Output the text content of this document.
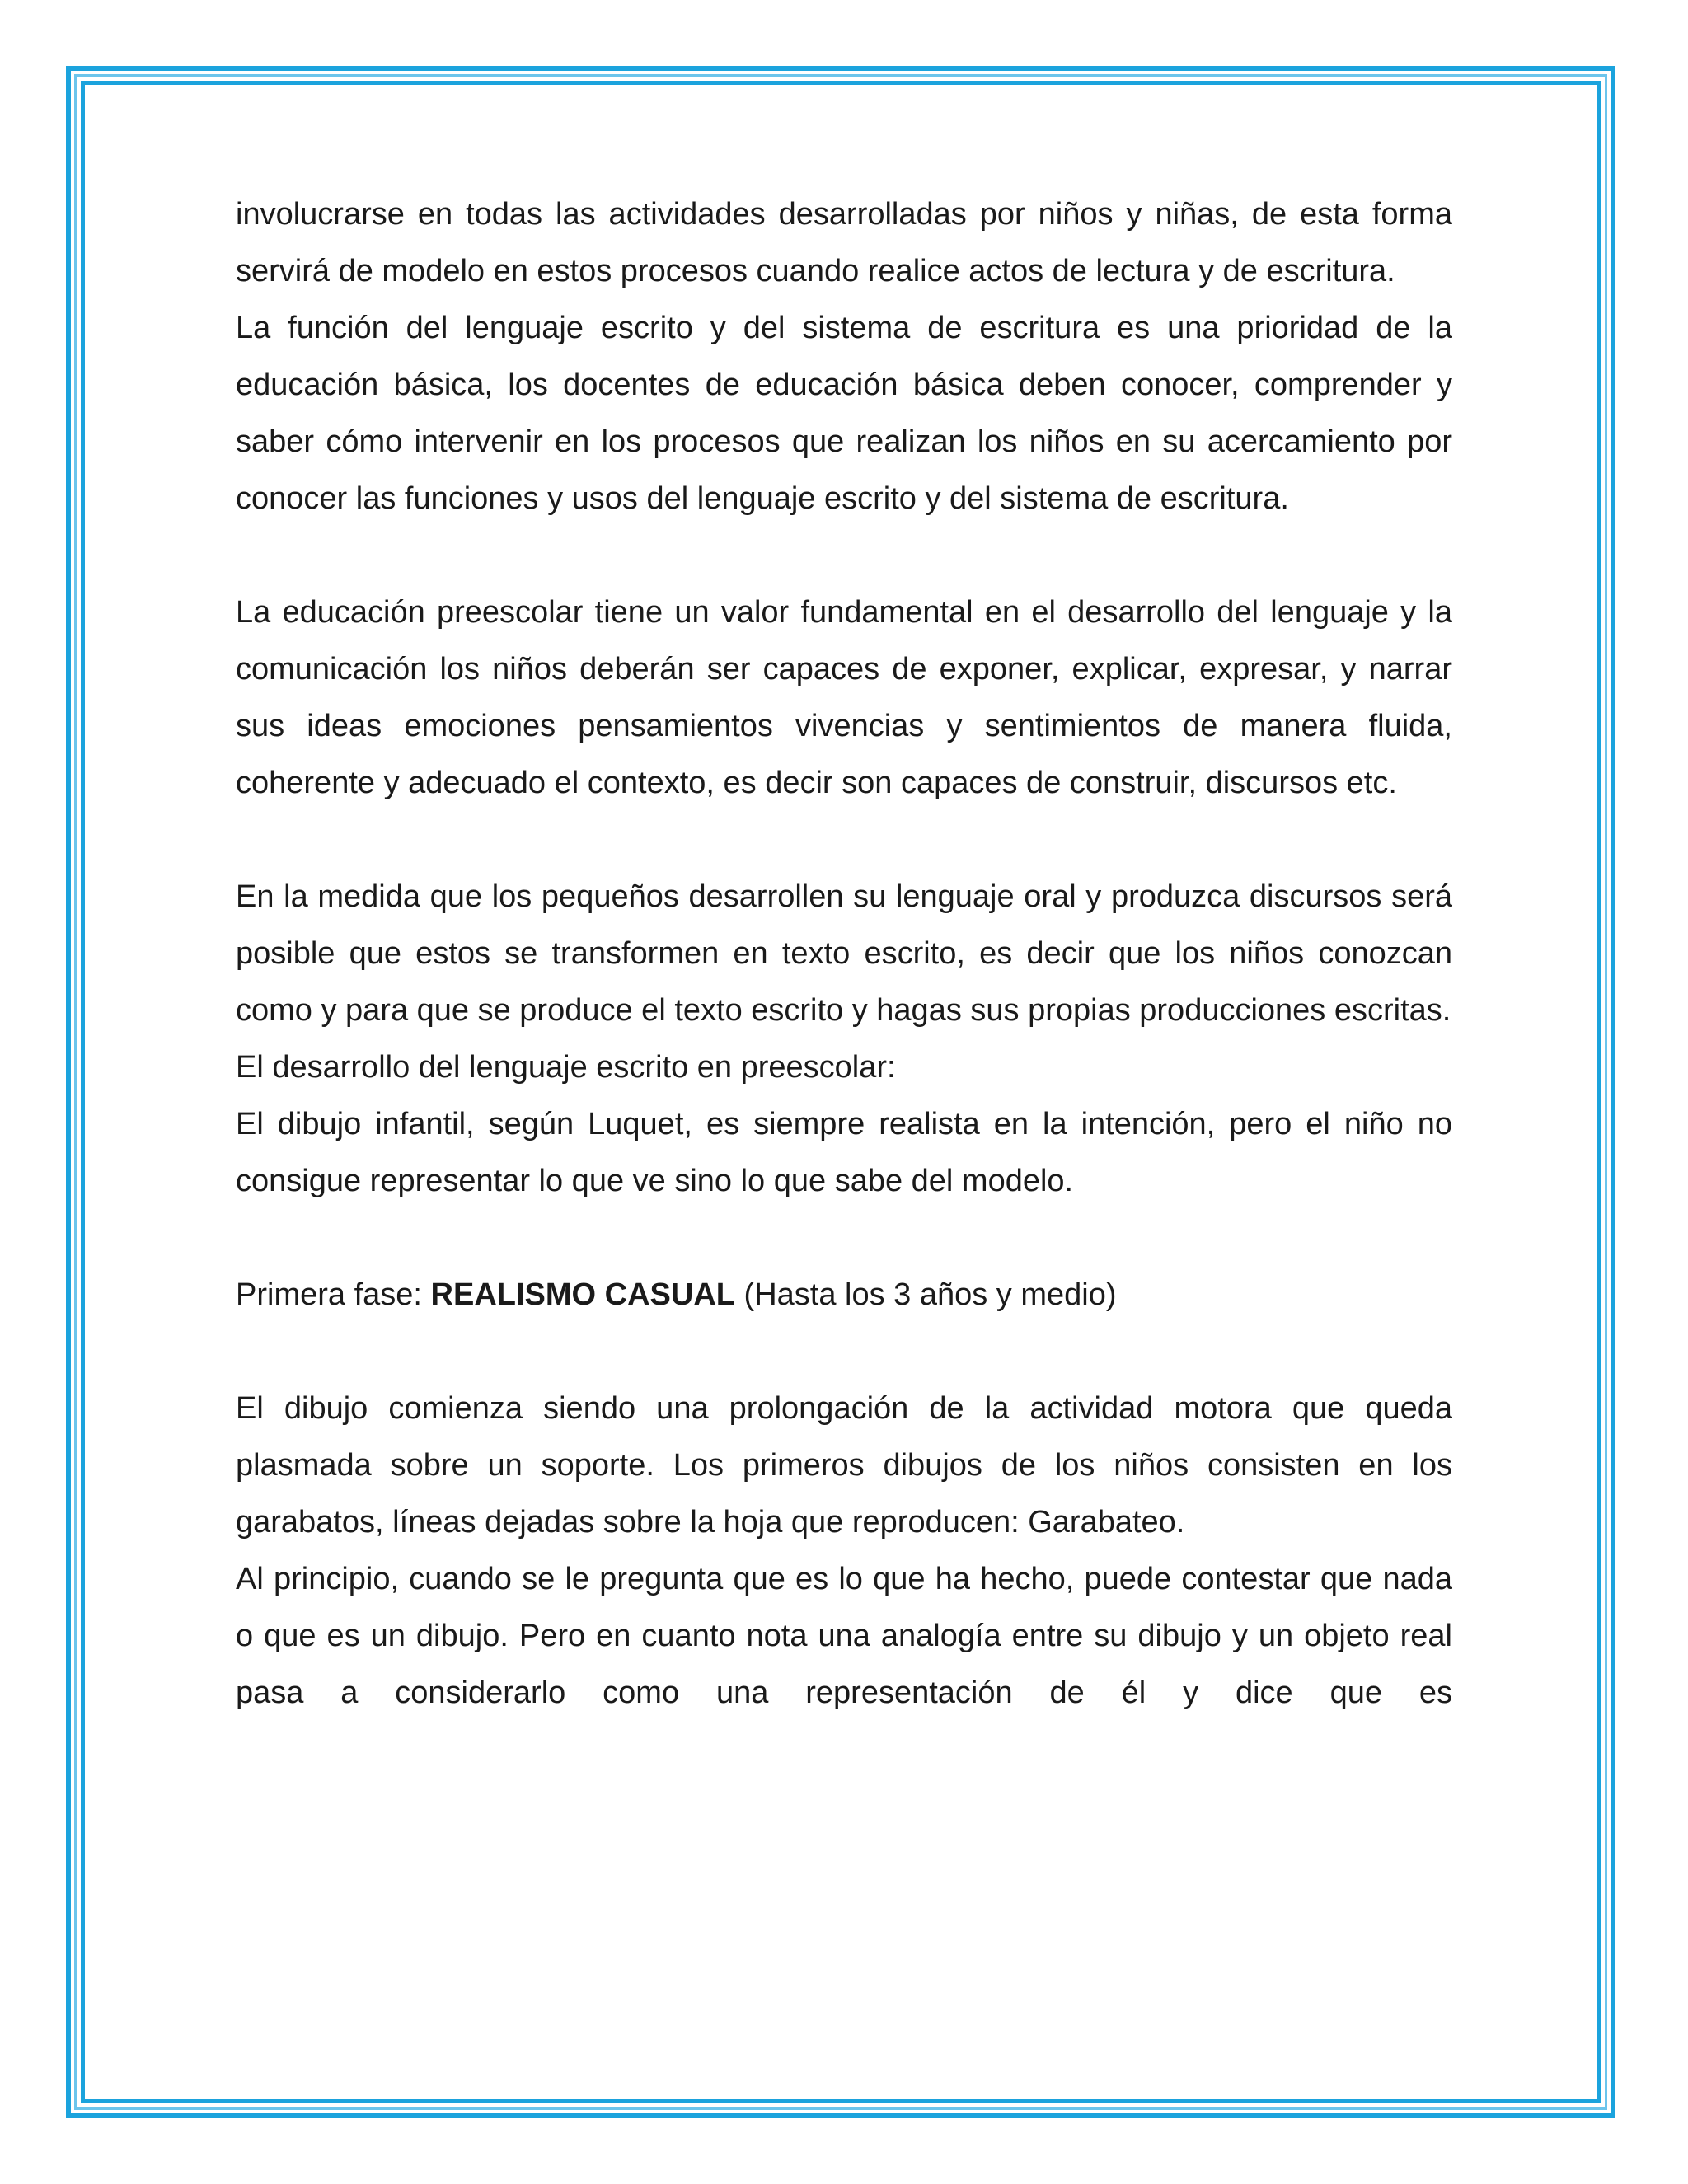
involucrarse en todas las actividades desarrolladas por niños y niñas, de esta forma servirá de modelo en estos procesos cuando realice actos de lectura y de escritura.

La función del lenguaje escrito y del sistema de escritura es una prioridad de la educación básica, los docentes de educación básica deben conocer, comprender y saber cómo intervenir en los procesos que realizan los niños en su acercamiento por conocer las funciones y usos del lenguaje escrito y del sistema de escritura.

La educación preescolar tiene un valor fundamental en el desarrollo del lenguaje y la comunicación los niños deberán ser capaces de exponer, explicar, expresar, y narrar sus ideas emociones pensamientos vivencias y sentimientos de manera fluida, coherente y adecuado el contexto, es decir son capaces de construir, discursos etc.

En la medida que los pequeños desarrollen su lenguaje oral y produzca discursos será posible que estos se transformen en texto escrito, es decir que los niños conozcan como y para que se produce el texto escrito y hagas sus propias producciones escritas.

El desarrollo del lenguaje escrito en preescolar:

El dibujo infantil, según Luquet, es siempre realista en la intención, pero el niño no consigue representar lo que ve sino lo que sabe del modelo.

Primera fase: REALISMO CASUAL (Hasta los 3 años y medio)

El dibujo comienza siendo una prolongación de la actividad motora que queda plasmada sobre un soporte. Los primeros dibujos de los niños consisten en los garabatos, líneas dejadas sobre la hoja que reproducen: Garabateo.

Al principio, cuando se le pregunta que es lo que ha hecho, puede contestar que nada o que es un dibujo. Pero en cuanto nota una analogía entre su dibujo y un objeto real pasa a considerarlo como una representación de él y dice que es
